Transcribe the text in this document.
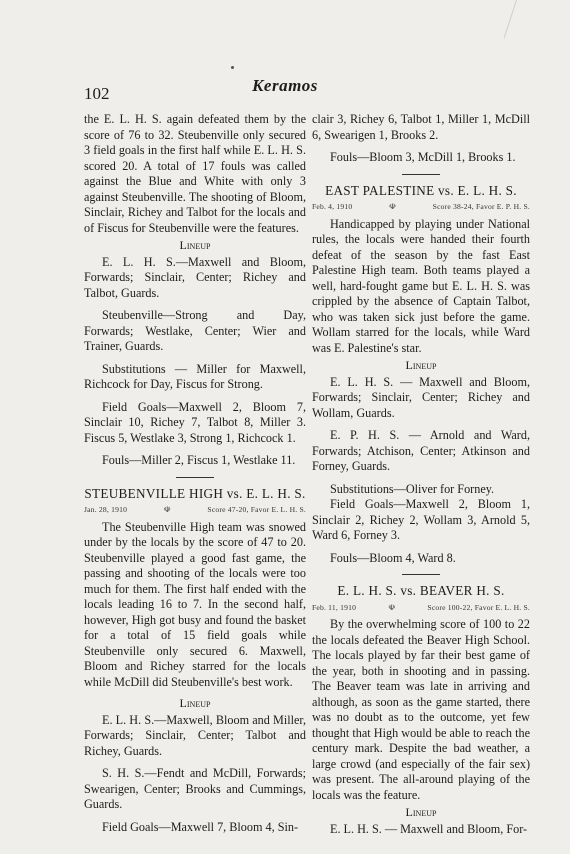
102	Keramos

the E. L. H. S. again defeated them by the score of 76 to 32. Steubenville only secured 3 field goals in the first half while E. L. H. S. scored 20. A total of 17 fouls was called against the Blue and White with only 3 against Steubenville. The shooting of Bloom, Sinclair, Richey and Talbot for the locals and of Fiscus for Steubenville were the features.

Lineup

E. L. H. S.—Maxwell and Bloom, Forwards; Sinclair, Center; Richey and Talbot, Guards.

Steubenville—Strong and Day, Forwards; Westlake, Center; Wier and Trainer, Guards.

Substitutions — Miller for Maxwell, Richcock for Day, Fiscus for Strong.

Field Goals—Maxwell 2, Bloom 7, Sinclair 10, Richey 7, Talbot 8, Miller 3. Fiscus 5, Westlake 3, Strong 1, Richcock 1.

Fouls—Miller 2, Fiscus 1, Westlake 11.

STEUBENVILLE HIGH vs. E. L. H. S.
Jan. 28, 1910	☫	Score 47-20, Favor E. L. H. S.

The Steubenville High team was snowed under by the locals by the score of 47 to 20. Steubenville played a good fast game, the passing and shooting of the locals were too much for them. The first half ended with the locals leading 16 to 7. In the second half, however, High got busy and found the basket for a total of 15 field goals while Steubenville only secured 6. Maxwell, Bloom and Richey starred for the locals while McDill did Steubenville's best work.

Lineup

E. L. H. S.—Maxwell, Bloom and Miller, Forwards; Sinclair, Center; Talbot and Richey, Guards.

S. H. S.—Fendt and McDill, Forwards; Swearigen, Center; Brooks and Cummings, Guards.

Field Goals—Maxwell 7, Bloom 4, Sin-

clair 3, Richey 6, Talbot 1, Miller 1, McDill 6, Swearigen 1, Brooks 2.

Fouls—Bloom 3, McDill 1, Brooks 1.

EAST PALESTINE vs. E. L. H. S.
Feb. 4, 1910	☫	Score 38-24, Favor E. P. H. S.

Handicapped by playing under National rules, the locals were handed their fourth defeat of the season by the fast East Palestine High team. Both teams played a well, hard-fought game but E. L. H. S. was crippled by the absence of Captain Talbot, who was taken sick just before the game. Wollam starred for the locals, while Ward was E. Palestine's star.

Lineup

E. L. H. S. — Maxwell and Bloom, Forwards; Sinclair, Center; Richey and Wollam, Guards.

E. P. H. S. — Arnold and Ward, Forwards; Atchison, Center; Atkinson and Forney, Guards.

Substitutions—Oliver for Forney.

Field Goals—Maxwell 2, Bloom 1, Sinclair 2, Richey 2, Wollam 3, Arnold 5, Ward 6, Forney 3.

Fouls—Bloom 4, Ward 8.

E. L. H. S. vs. BEAVER H. S.
Feb. 11, 1910	☫	Score 100-22, Favor E. L. H. S.

By the overwhelming score of 100 to 22 the locals defeated the Beaver High School. The locals played by far their best game of the year, both in shooting and in passing. The Beaver team was late in arriving and although, as soon as the game started, there was no doubt as to the outcome, yet few thought that High would be able to reach the century mark. Despite the bad weather, a large crowd (and especially of the fair sex) was present. The all-around playing of the locals was the feature.

Lineup

E. L. H. S. — Maxwell and Bloom, For-
